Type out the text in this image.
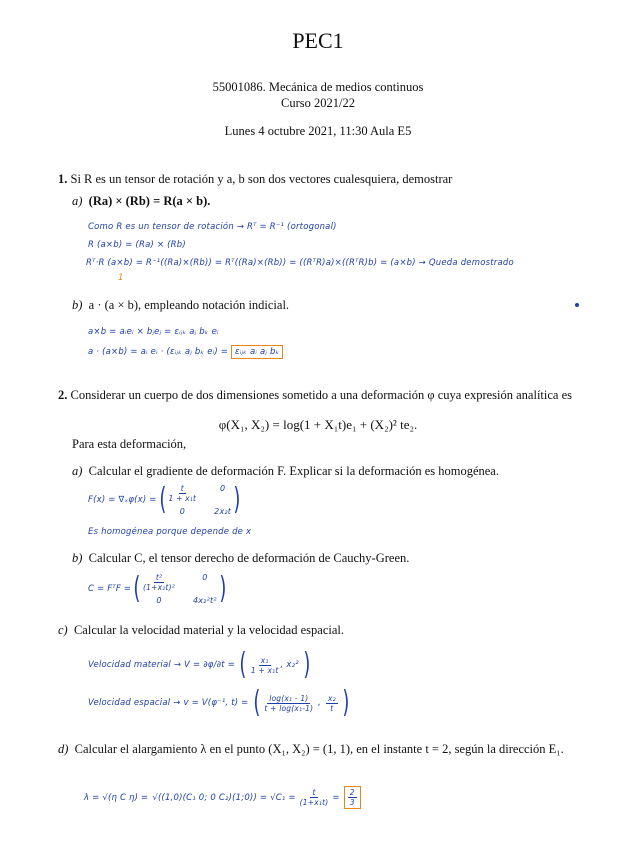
PEC1
55001086. Mecánica de medios continuos
Curso 2021/22
Lunes 4 octubre 2021, 11:30 Aula E5
1. Si R es un tensor de rotación y a, b son dos vectores cualesquiera, demostrar
a) (Ra) × (Rb) = R(a × b).
Como R es un tensor de rotación → Rᵀ = R⁻¹ (ortogonal)
R (a×b) = (Ra) × (Rb)
Rᵀ·R (a×b) = R⁻¹((Ra)×(Rb)) = Rᵀ((Ra)×(Rb)) = ((RᵀR)a)×((RᵀR)b) = (a×b) → Queda demostrado
1
b) a · (a × b), empleando notación indicial.
a×b = aᵢeᵢ × bⱼeⱼ = εᵢⱼₖ aⱼ bₖ eᵢ
a · (a×b) = aᵢ eᵢ · (εᵢⱼₖ aⱼ bₖ eᵢ) = εᵢⱼₖ aᵢ aⱼ bₖ
2. Considerar un cuerpo de dos dimensiones sometido a una deformación φ cuya expresión analítica es
φ(X₁, X₂) = log(1 + X₁t)e₁ + (X₂)² te₂.
Para esta deformación,
a) Calcular el gradiente de deformación F. Explicar si la deformación es homogénea.
F(x) = ∇ₓφ(x) = ( $\frac{t}{\text{1 + x₁t}}$	0
0	2x₂t )
Es homogénea porque depende de x
b) Calcular C, el tensor derecho de deformación de Cauchy-Green.
C = FᵀF = ( $\frac{\text{t²}}{\text{(1+x₁t)²}}$	0
0	4x₂²t² )
c) Calcular la velocidad material y la velocidad espacial.
Velocidad material → V = ∂φ/∂t = ( $\frac{\text{x₁}}{\text{1 + x₁t}}$ , x₂² )
Velocidad espacial → v = V(φ⁻¹, t) = ( $\frac{\text{log(x₁ - 1)}}{\text{t + log(x₁-1)}}$ , $\frac{\text{x₂}}{t}$ )
d) Calcular el alargamiento λ en el punto (X₁, X₂) = (1, 1), en el instante t = 2, según la dirección E₁.
λ = √(η C η) = √((1,0)(C₁ 0; 0 C₂)(1;0)) = $√C_1 = \frac{t}{\text{(1+x₁t)}} = \frac{2}{3}$
